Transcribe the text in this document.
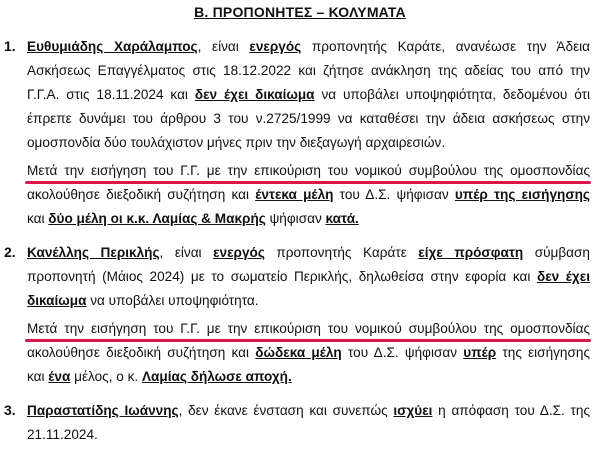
Β. ΠΡΟΠΟΝΗΤΕΣ – ΚΟΛΥΜΑΤΑ
1. Ευθυμιάδης Χαράλαμπος, είναι ενεργός προπονητής Καράτε, ανανέωσε την Άδεια
Ασκήσεως Επαγγέλματος στις 18.12.2022 και ζήτησε ανάκληση της αδείας του από την
Γ.Γ.Α. στις 18.11.2024 και δεν έχει δικαίωμα να υποβάλει υποψηφιότητα, δεδομένου ότι
έπρεπε δυνάμει του άρθρου 3 του ν.2725/1999 να καταθέσει την άδεια ασκήσεως στην
ομοσπονδία δύο τουλάχιστον μήνες πριν την διεξαγωγή αρχαιρεσιών.
Μετά την εισήγηση του Γ.Γ. με την επικούριση του νομικού συμβούλου της ομοσπονδίας
ακολούθησε διεξοδική συζήτηση και έντεκα μέλη του Δ.Σ. ψήφισαν υπέρ της εισήγησης
και δύο μέλη οι κ.κ. Λαμίας & Μακρής ψήφισαν κατά.
2. Κανέλλης Περικλής, είναι ενεργός προπονητής Καράτε είχε πρόσφατη σύμβαση
προπονητή (Μάιος 2024) με το σωματείο Περικλής, δηλωθείσα στην εφορία και δεν έχει
δικαίωμα να υποβάλει υποψηφιότητα.
Μετά την εισήγηση του Γ.Γ. με την επικούριση του νομικού συμβούλου της ομοσπονδίας
ακολούθησε διεξοδική συζήτηση και δώδεκα μέλη του Δ.Σ. ψήφισαν υπέρ της εισήγησης
και ένα μέλος, ο κ. Λαμίας δήλωσε αποχή.
3. Παραστατίδης Ιωάννης, δεν έκανε ένσταση και συνεπώς ισχύει η απόφαση του Δ.Σ. της
21.11.2024.
